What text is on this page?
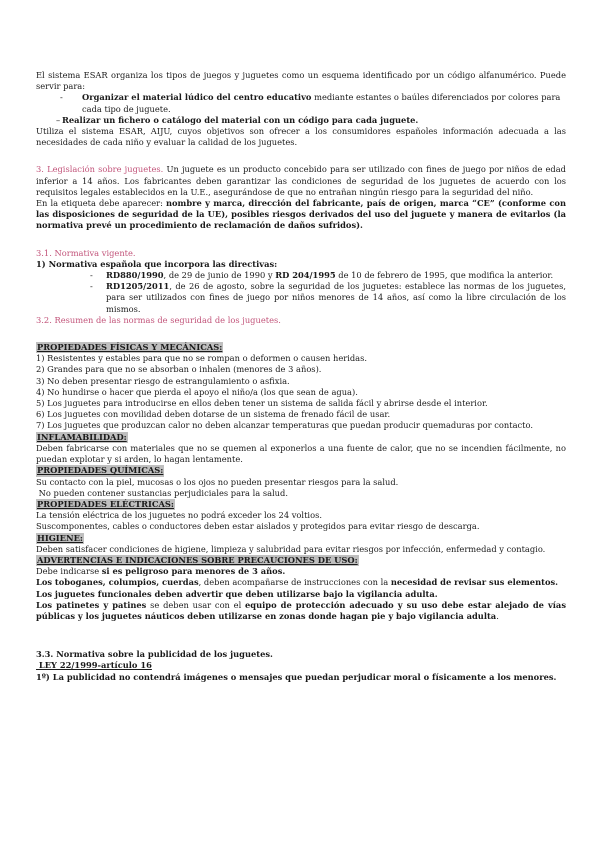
El sistema ESAR organiza los tipos de juegos y juguetes como un esquema identificado por un código alfanumérico. Puede servir para:

- Organizar el material lúdico del centro educativo mediante estantes o baúles diferenciados por colores para cada tipo de juguete.
– Realizar un fichero o catálogo del material con un código para cada juguete.

Utiliza el sistema ESAR, AIJU, cuyos objetivos son ofrecer a los consumidores españoles información adecuada a las necesidades de cada niño y evaluar la calidad de los juguetes.

3. Legislación sobre juguetes. Un juguete es un producto concebido para ser utilizado con fines de juego por niños de edad inferior a 14 años. Los fabricantes deben garantizar las condiciones de seguridad de los juguetes de acuerdo con los requisitos legales establecidos en la U.E., asegurándose de que no entrañan ningún riesgo para la seguridad del niño.

En la etiqueta debe aparecer: nombre y marca, dirección del fabricante, país de origen, marca “CE” (conforme con las disposiciones de seguridad de la UE), posibles riesgos derivados del uso del juguete y manera de evitarlos (la normativa prevé un procedimiento de reclamación de daños sufridos).

3.1. Normativa vigente.

1) Normativa española que incorpora las directivas:

- RD880/1990, de 29 de junio de 1990 y RD 204/1995 de 10 de febrero de 1995, que modifica la anterior.
- RD1205/2011, de 26 de agosto, sobre la seguridad de los juguetes: establece las normas de los juguetes, para ser utilizados con fines de juego por niños menores de 14 años, así como la libre circulación de los mismos.

3.2. Resumen de las normas de seguridad de los juguetes.

PROPIEDADES FÍSICAS Y MECÁNICAS:

1) Resistentes y estables para que no se rompan o deformen o causen heridas.

2) Grandes para que no se absorban o inhalen (menores de 3 años).

3) No deben presentar riesgo de estrangulamiento o asfixia.

4) No hundirse o hacer que pierda el apoyo el niño/a (los que sean de agua).

5) Los juguetes para introducirse en ellos deben tener un sistema de salida fácil y abrirse desde el interior.

6) Los juguetes con movilidad deben dotarse de un sistema de frenado fácil de usar.

7) Los juguetes que produzcan calor no deben alcanzar temperaturas que puedan producir quemaduras por contacto.

INFLAMABILIDAD:

Deben fabricarse con materiales que no se quemen al exponerlos a una fuente de calor, que no se incendien fácilmente, no puedan explotar y si arden, lo hagan lentamente.

PROPIEDADES QUÍMICAS:

Su contacto con la piel, mucosas o los ojos no pueden presentar riesgos para la salud.

No pueden contener sustancias perjudiciales para la salud.

PROPIEDADES ELÉCTRICAS:

La tensión eléctrica de los juguetes no podrá exceder los 24 voltios.

Suscomponentes, cables o conductores deben estar aislados y protegidos para evitar riesgo de descarga.

HIGIENE:

Deben satisfacer condiciones de higiene, limpieza y salubridad para evitar riesgos por infección, enfermedad y contagio.

ADVERTENCIAS E INDICACIONES SOBRE PRECAUCIONES DE USO:

Debe indicarse si es peligroso para menores de 3 años.

Los toboganes, columpios, cuerdas, deben acompañarse de instrucciones con la necesidad de revisar sus elementos.

Los juguetes funcionales deben advertir que deben utilizarse bajo la vigilancia adulta.

Los patinetes y patines se deben usar con el equipo de protección adecuado y su uso debe estar alejado de vías públicas y los juguetes náuticos deben utilizarse en zonas donde hagan pie y bajo vigilancia adulta.

3.3. Normativa sobre la publicidad de los juguetes.

LEY 22/1999-artículo 16

1º) La publicidad no contendrá imágenes o mensajes que puedan perjudicar moral o físicamente a los menores.
